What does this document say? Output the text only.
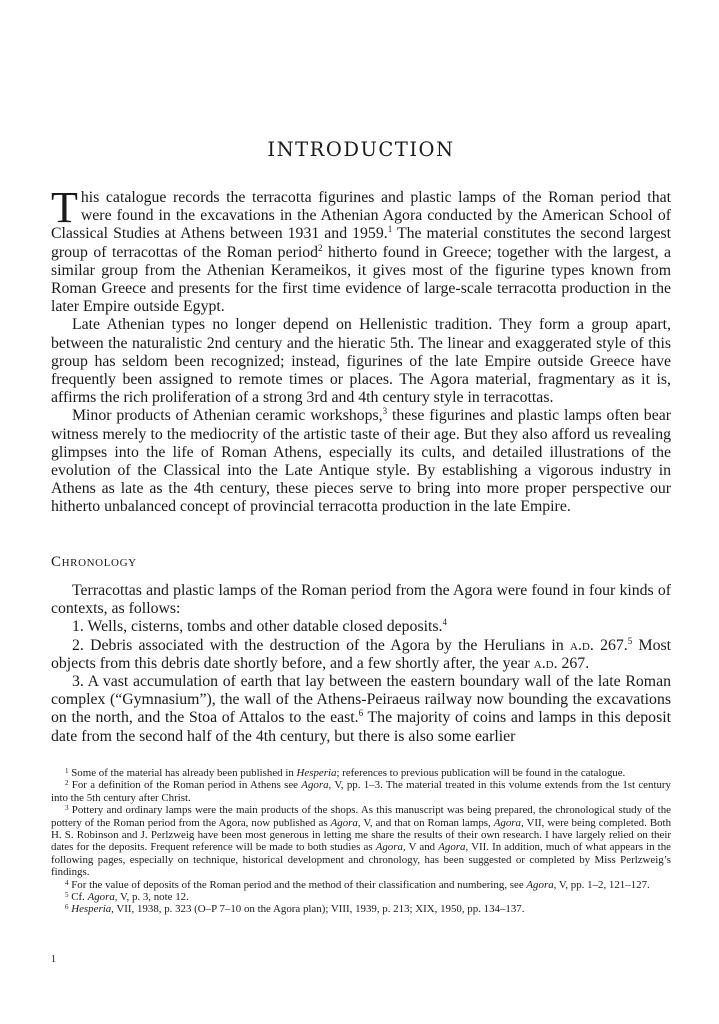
INTRODUCTION

This catalogue records the terracotta figurines and plastic lamps of the Roman period that were found in the excavations in the Athenian Agora conducted by the American School of Classical Studies at Athens between 1931 and 1959.$^1$ The material constitutes the second largest group of terracottas of the Roman period$^2$ hitherto found in Greece; together with the largest, a similar group from the Athenian Kerameikos, it gives most of the figurine types known from Roman Greece and presents for the first time evidence of large-scale terracotta production in the later Empire outside Egypt.

Late Athenian types no longer depend on Hellenistic tradition. They form a group apart, between the naturalistic 2nd century and the hieratic 5th. The linear and exaggerated style of this group has seldom been recognized; instead, figurines of the late Empire outside Greece have frequently been assigned to remote times or places. The Agora material, fragmentary as it is, affirms the rich proliferation of a strong 3rd and 4th century style in terracottas.

Minor products of Athenian ceramic workshops,$^3$ these figurines and plastic lamps often bear witness merely to the mediocrity of the artistic taste of their age. But they also afford us revealing glimpses into the life of Roman Athens, especially its cults, and detailed illustrations of the evolution of the Classical into the Late Antique style. By establishing a vigorous industry in Athens as late as the 4th century, these pieces serve to bring into more proper perspective our hitherto unbalanced concept of provincial terracotta production in the late Empire.

Chronology

Terracottas and plastic lamps of the Roman period from the Agora were found in four kinds of contexts, as follows:

1. Wells, cisterns, tombs and other datable closed deposits.$^4$

2. Debris associated with the destruction of the Agora by the Herulians in a.d. 267.$^5$ Most objects from this debris date shortly before, and a few shortly after, the year a.d. 267.

3. A vast accumulation of earth that lay between the eastern boundary wall of the late Roman complex (“Gymnasium”), the wall of the Athens-Peiraeus railway now bounding the excavations on the north, and the Stoa of Attalos to the east.$^6$ The majority of coins and lamps in this deposit date from the second half of the 4th century, but there is also some earlier

$^1$ Some of the material has already been published in Hesperia; references to previous publication will be found in the catalogue.

$^2$ For a definition of the Roman period in Athens see Agora, V, pp. 1–3. The material treated in this volume extends from the 1st century into the 5th century after Christ.

$^3$ Pottery and ordinary lamps were the main products of the shops. As this manuscript was being prepared, the chronological study of the pottery of the Roman period from the Agora, now published as Agora, V, and that on Roman lamps, Agora, VII, were being completed. Both H. S. Robinson and J. Perlzweig have been most generous in letting me share the results of their own research. I have largely relied on their dates for the deposits. Frequent reference will be made to both studies as Agora, V and Agora, VII. In addition, much of what appears in the following pages, especially on technique, historical development and chronology, has been suggested or completed by Miss Perlzweig’s findings.

$^4$ For the value of deposits of the Roman period and the method of their classification and numbering, see Agora, V, pp. 1–2, 121–127.

$^5$ Cf. Agora, V, p. 3, note 12.

$^6$ Hesperia, VII, 1938, p. 323 (O–P 7–10 on the Agora plan); VIII, 1939, p. 213; XIX, 1950, pp. 134–137.

1
